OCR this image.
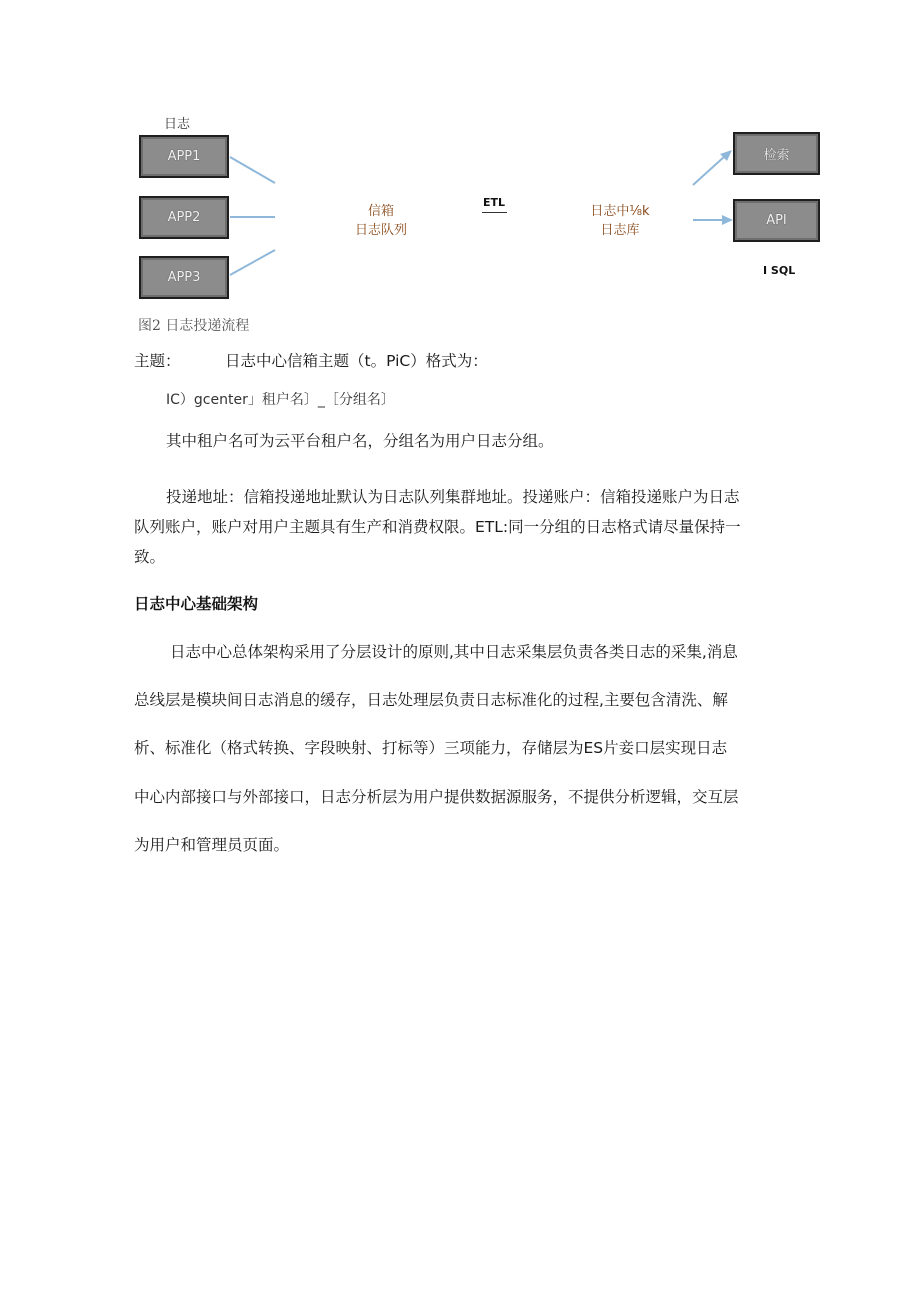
日志
APP1
APP2
APP3
信箱
日志队列
ETL
日志中⅛k
日志库
检索
API
I SQL
图2 日志投递流程
主题：	日志中心信箱主题（t。PiC）格式为：
IC）gcenter」租户名〕_［分组名〕
其中租户名可为云平台租户名，分组名为用户日志分组。
投递地址：信箱投递地址默认为日志队列集群地址。投递账户：信箱投递账户为日志
队列账户，账户对用户主题具有生产和消费权限。ETL:同一分组的日志格式请尽量保持一
致。
日志中心基础架构
日志中心总体架构采用了分层设计的原则,其中日志采集层负责各类日志的采集,消息
总线层是模块间日志消息的缓存，日志处理层负责日志标准化的过程,主要包含清洗、解
析、标准化（格式转换、字段映射、打标等）三项能力，存储层为ES片妾口层实现日志
中心内部接口与外部接口，日志分析层为用户提供数据源服务，不提供分析逻辑，交互层
为用户和管理员页面。
